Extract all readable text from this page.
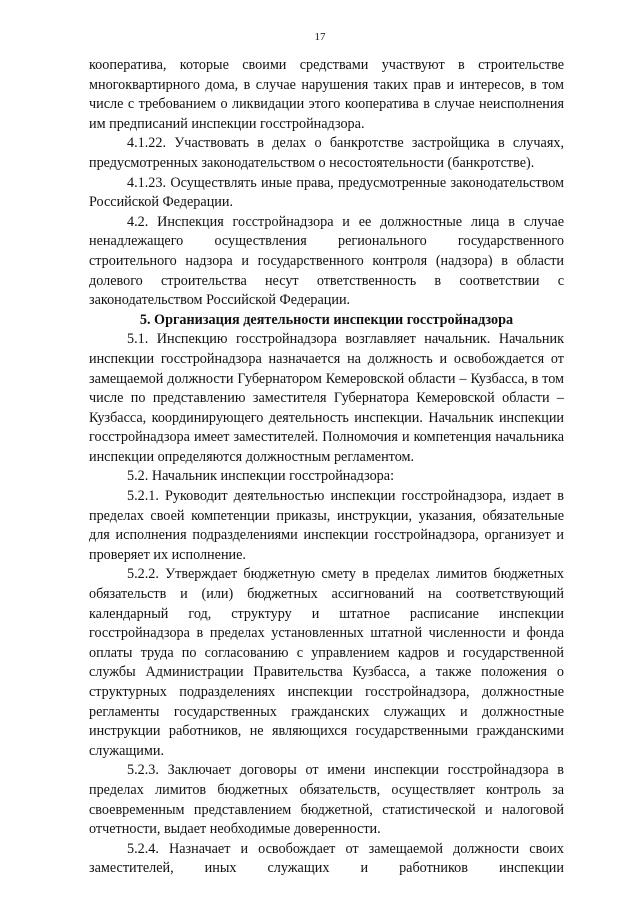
17

кооператива, которые своими средствами участвуют в строительстве многоквартирного дома, в случае нарушения таких прав и интересов, в том числе с требованием о ликвидации этого кооператива в случае неисполнения им предписаний инспекции госстройнадзора.

4.1.22. Участвовать в делах о банкротстве застройщика в случаях, предусмотренных законодательством о несостоятельности (банкротстве).

4.1.23. Осуществлять иные права, предусмотренные законодательством Российской Федерации.

4.2. Инспекция госстройнадзора и ее должностные лица в случае ненадлежащего осуществления регионального государственного строительного надзора и государственного контроля (надзора) в области долевого строительства несут ответственность в соответствии с законодательством Российской Федерации.

5. Организация деятельности инспекции госстройнадзора

5.1. Инспекцию госстройнадзора возглавляет начальник. Начальник инспекции госстройнадзора назначается на должность и освобождается от замещаемой должности Губернатором Кемеровской области – Кузбасса, в том числе по представлению заместителя Губернатора Кемеровской области – Кузбасса, координирующего деятельность инспекции. Начальник инспекции госстройнадзора имеет заместителей. Полномочия и компетенция начальника инспекции определяются должностным регламентом.

5.2. Начальник инспекции госстройнадзора:

5.2.1. Руководит деятельностью инспекции госстройнадзора, издает в пределах своей компетенции приказы, инструкции, указания, обязательные для исполнения подразделениями инспекции госстройнадзора, организует и проверяет их исполнение.

5.2.2. Утверждает бюджетную смету в пределах лимитов бюджетных обязательств и (или) бюджетных ассигнований на соответствующий календарный год, структуру и штатное расписание инспекции госстройнадзора в пределах установленных штатной численности и фонда оплаты труда по согласованию с управлением кадров и государственной службы Администрации Правительства Кузбасса, а также положения о структурных подразделениях инспекции госстройнадзора, должностные регламенты государственных гражданских служащих и должностные инструкции работников, не являющихся государственными гражданскими служащими.

5.2.3. Заключает договоры от имени инспекции госстройнадзора в пределах лимитов бюджетных обязательств, осуществляет контроль за своевременным представлением бюджетной, статистической и налоговой отчетности, выдает необходимые доверенности.

5.2.4. Назначает и освобождает от замещаемой должности своих заместителей, иных служащих и работников инспекции
